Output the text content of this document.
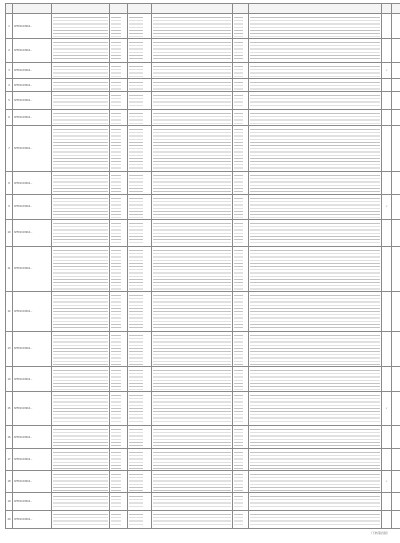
1	SPFD2018064...	

2	SPFD2018064...	

3	SPFD2018064...							√	
4	SPFD2018064...	

5	SPFD2018064...	

6	SPFD2018064...	

7	SPFD2018064...	

8	SPFD2018064...	

9	SPFD2018064...							√	
10	SPFD2018064...	

11	SPFD2018064...	

12	SPFD2018064...	

13	SPFD2018064...	

14	SPFD2018064...	

15	SPFD2018064...							√	
16	SPFD2018064...	

17	SPFD2018064...	

18	SPFD2018064...							√	
19	SPFD2018064...	

20	SPFD2018064...	

（下转第四版）
